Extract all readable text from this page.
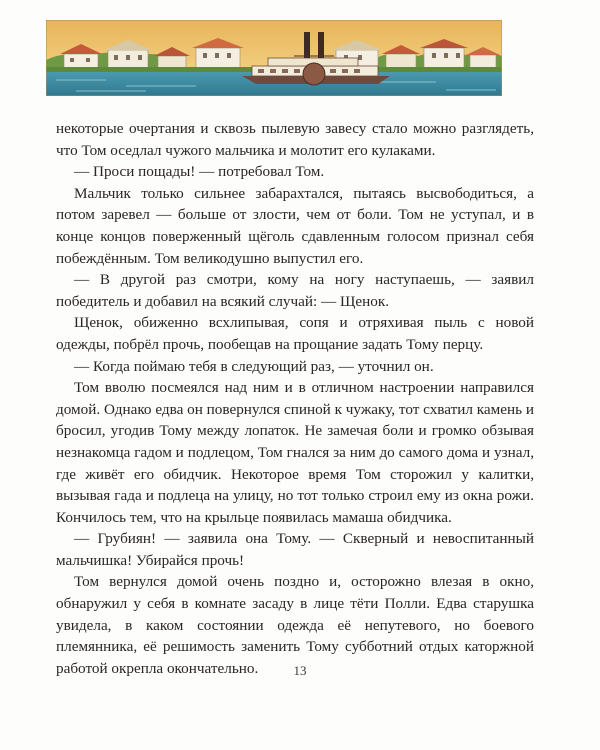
некоторые очертания и сквозь пылевую завесу стало можно разглядеть, что Том оседлал чужого мальчика и молотит его кулаками.

— Проси пощады! — потребовал Том.

Мальчик только сильнее забарахтался, пытаясь высвободиться, а потом заревел — больше от злости, чем от боли. Том не уступал, и в конце концов поверженный щёголь сдавленным голосом признал себя побеждённым. Том великодушно выпустил его.

— В другой раз смотри, кому на ногу наступаешь, — заявил победитель и добавил на всякий случай: — Щенок.

Щенок, обиженно всхлипывая, сопя и отряхивая пыль с новой одежды, побрёл прочь, пообещав на прощание задать Тому перцу.

— Когда поймаю тебя в следующий раз, — уточнил он.

Том вволю посмеялся над ним и в отличном настроении направился домой. Однако едва он повернулся спиной к чужаку, тот схватил камень и бросил, угодив Тому между лопаток. Не замечая боли и громко обзывая незнакомца гадом и подлецом, Том гнался за ним до самого дома и узнал, где живёт его обидчик. Некоторое время Том сторожил у калитки, вызывая гада и подлеца на улицу, но тот только строил ему из окна рожи. Кончилось тем, что на крыльце появилась мамаша обидчика.

— Грубиян! — заявила она Тому. — Скверный и невоспитанный мальчишка! Убирайся прочь!

Том вернулся домой очень поздно и, осторожно влезая в окно, обнаружил у себя в комнате засаду в лице тёти Полли. Едва старушка увидела, в каком состоянии одежда её непутевого, но боевого племянника, её решимость заменить Тому субботний отдых каторжной работой окрепла окончательно.	13
